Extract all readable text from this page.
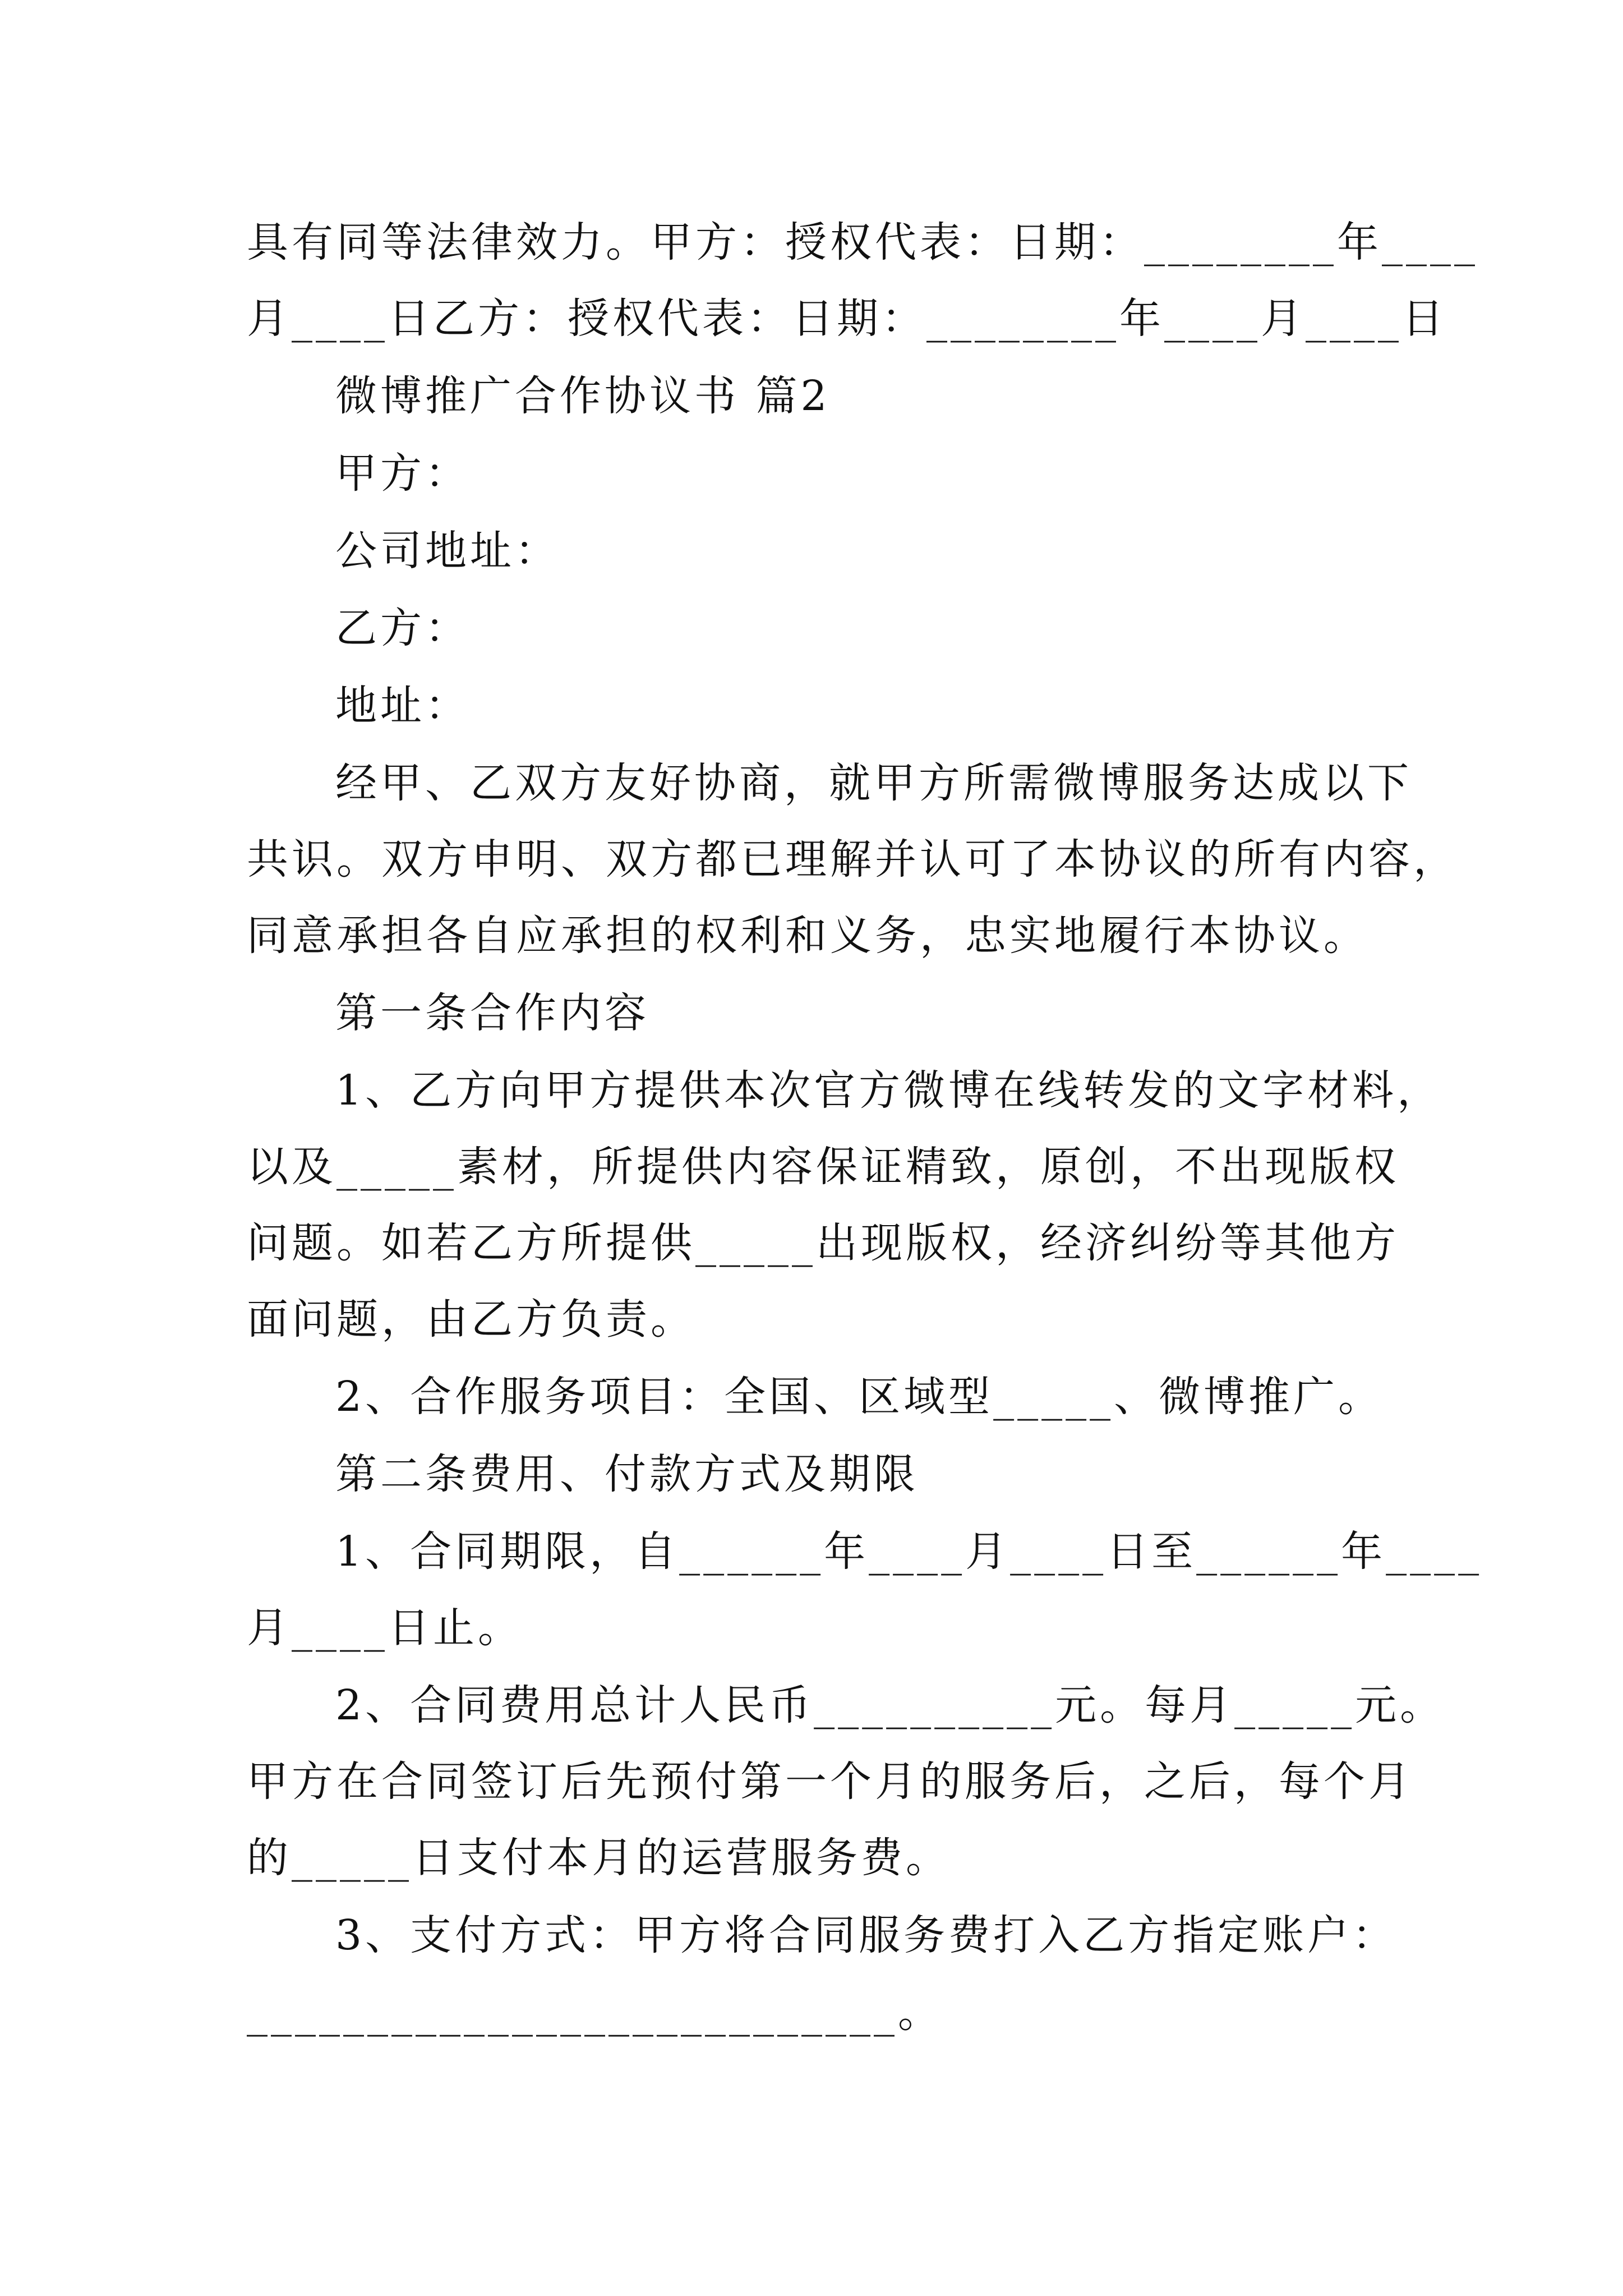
具有同等法律效力。甲方：授权代表：日期：________年____
月____日乙方：授权代表：日期：________年____月____日
微博推广合作协议书 篇2
甲方：
公司地址：
乙方：
地址：
经甲、乙双方友好协商，就甲方所需微博服务达成以下
共识。双方申明、双方都已理解并认可了本协议的所有内容，
同意承担各自应承担的权利和义务，忠实地履行本协议。
第一条合作内容
1、乙方向甲方提供本次官方微博在线转发的文字材料，
以及_____素材，所提供内容保证精致，原创，不出现版权
问题。如若乙方所提供_____出现版权，经济纠纷等其他方
面问题，由乙方负责。
2、合作服务项目：全国、区域型_____、微博推广。
第二条费用、付款方式及期限
1、合同期限，自______年____月____日至______年____
月____日止。
2、合同费用总计人民币__________元。每月_____元。
甲方在合同签订后先预付第一个月的服务后，之后，每个月
的_____日支付本月的运营服务费。
3、支付方式：甲方将合同服务费打入乙方指定账户：
___________________________。
